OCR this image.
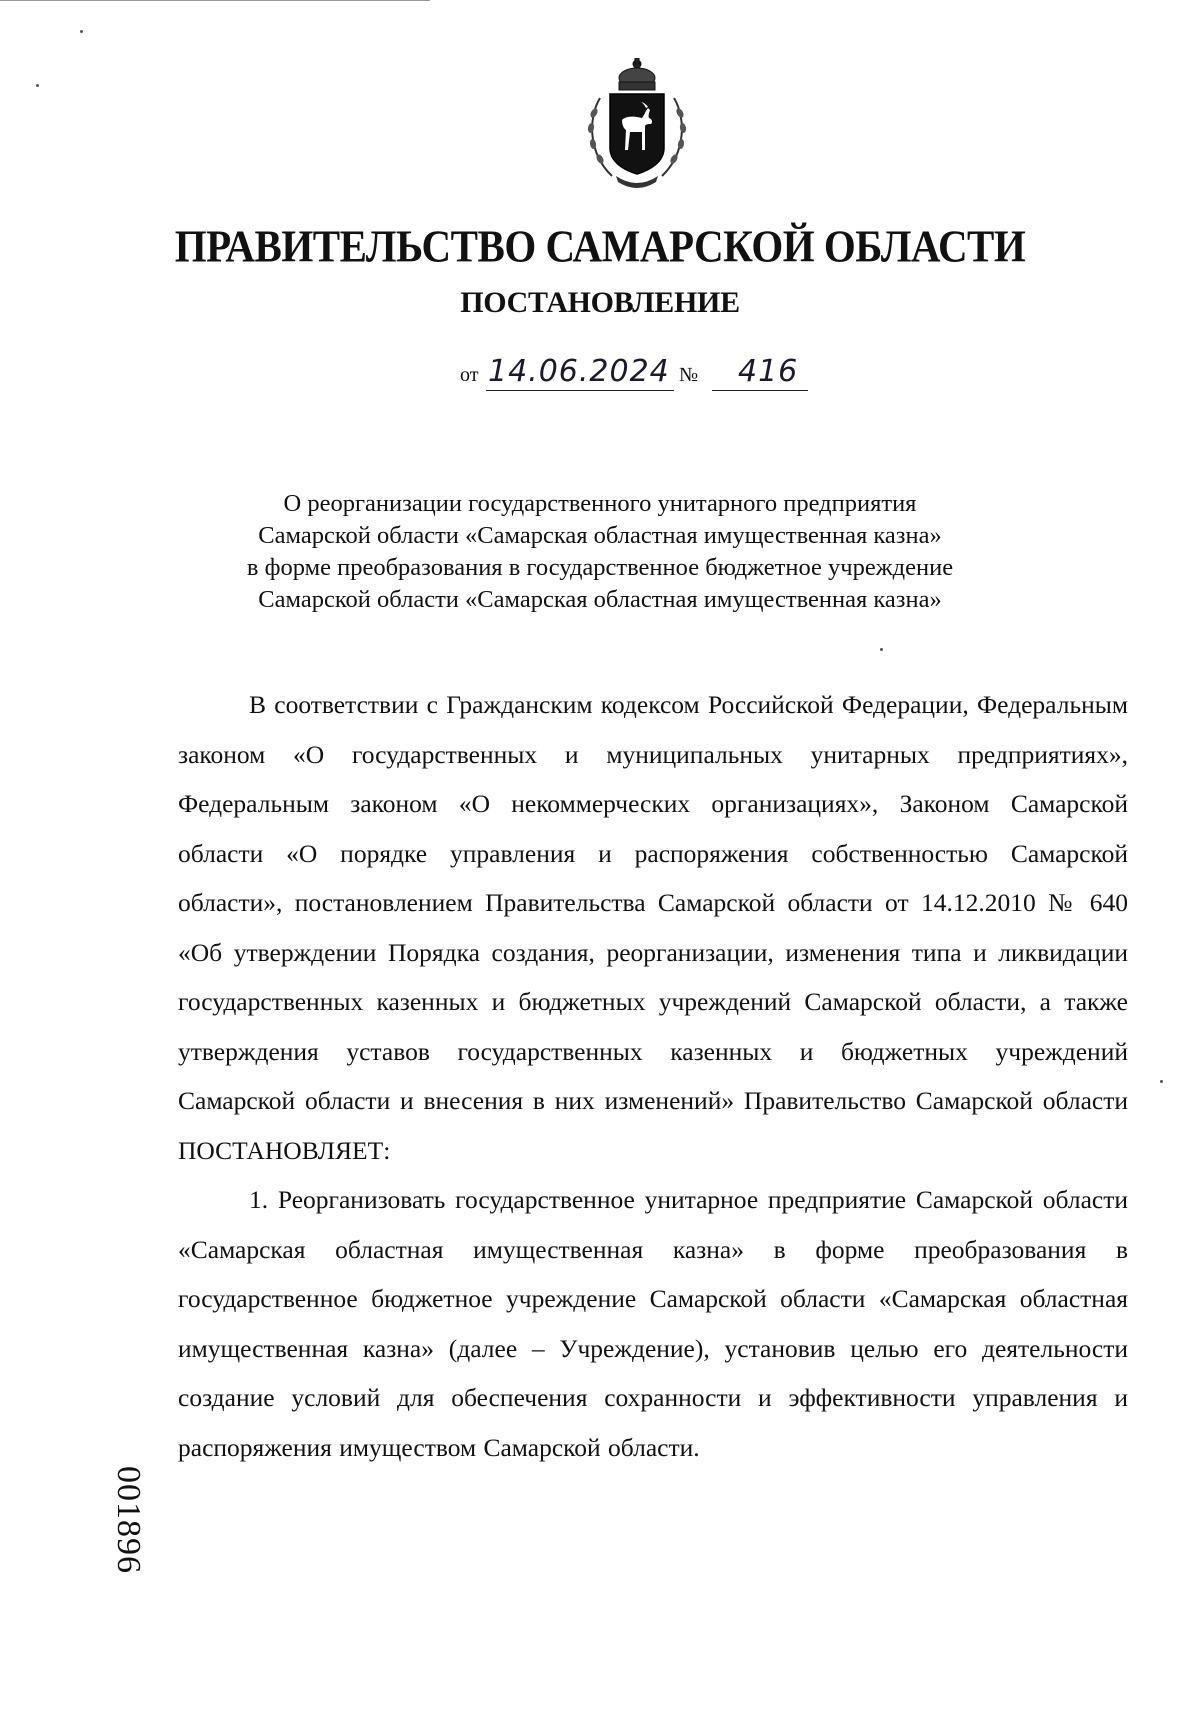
ПРАВИТЕЛЬСТВО САМАРСКОЙ ОБЛАСТИ
ПОСТАНОВЛЕНИЕ
от 14.06.2024 № 416
О реорганизации государственного унитарного предприятия
Самарской области «Самарская областная имущественная казна»
в форме преобразования в государственное бюджетное учреждение
Самарской области «Самарская областная имущественная казна»

В соответствии с Гражданским кодексом Российской Федерации, Федеральным законом «О государственных и муниципальных унитарных предприятиях», Федеральным законом «О некоммерческих организациях», Законом Самарской области «О порядке управления и распоряжения собственностью Самарской области», постановлением Правительства Самарской области от 14.12.2010 № 640 «Об утверждении Порядка создания, реорганизации, изменения типа и ликвидации государственных казенных и бюджетных учреждений Самарской области, а также утверждения уставов государственных казенных и бюджетных учреждений Самарской области и внесения в них изменений» Правительство Самарской области ПОСТАНОВЛЯЕТ:

1. Реорганизовать государственное унитарное предприятие Самарской области «Самарская областная имущественная казна» в форме преобразования в государственное бюджетное учреждение Самарской области «Самарская областная имущественная казна» (далее – Учреждение), установив целью его деятельности создание условий для обеспечения сохранности и эффективности управления и распоряжения имуществом Самарской области.

001896
